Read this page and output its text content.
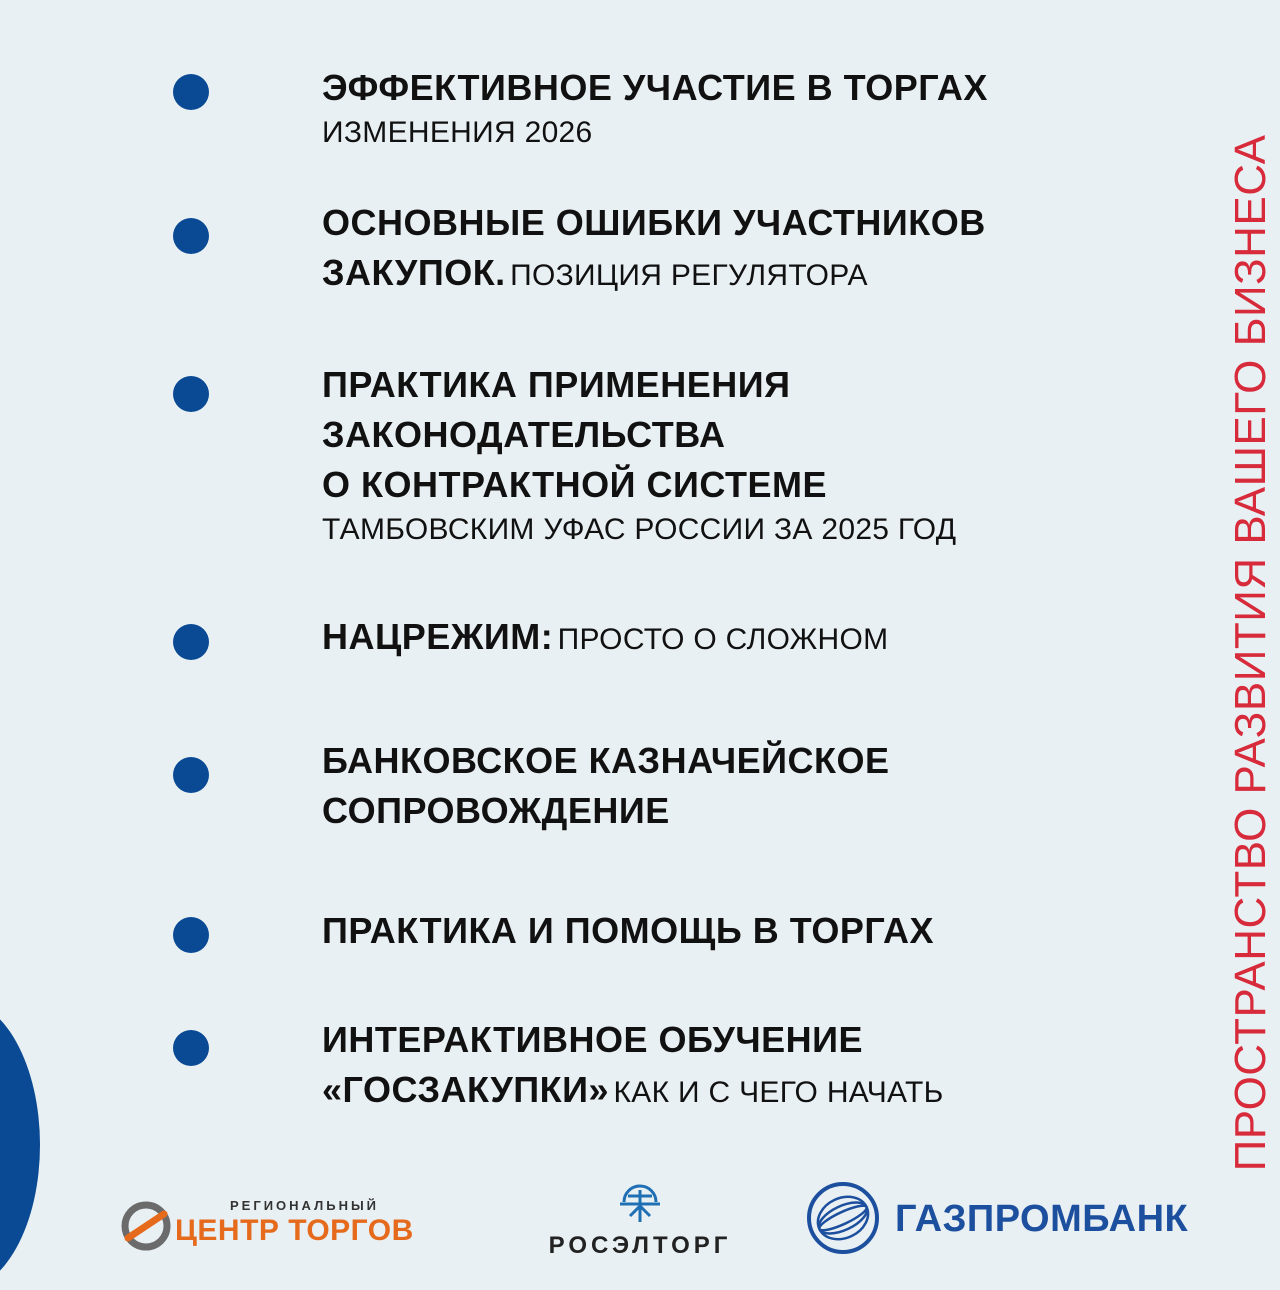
ЭФФЕКТИВНОЕ УЧАСТИЕ В ТОРГАХ
ИЗМЕНЕНИЯ 2026
ОСНОВНЫЕ ОШИБКИ УЧАСТНИКОВ
ЗАКУПОК. ПОЗИЦИЯ РЕГУЛЯТОРА
ПРАКТИКА ПРИМЕНЕНИЯ
ЗАКОНОДАТЕЛЬСТВА
О КОНТРАКТНОЙ СИСТЕМЕ
ТАМБОВСКИМ УФАС РОССИИ ЗА 2025 ГОД
НАЦРЕЖИМ: ПРОСТО О СЛОЖНОМ
БАНКОВСКОЕ КАЗНАЧЕЙСКОЕ
СОПРОВОЖДЕНИЕ
ПРАКТИКА И ПОМОЩЬ В ТОРГАХ
ИНТЕРАКТИВНОЕ ОБУЧЕНИЕ
«ГОСЗАКУПКИ» КАК И С ЧЕГО НАЧАТЬ	ПРОСТРАНСТВО РАЗВИТИЯ ВАШЕГО БИЗНЕСА
РЕГИОНАЛЬНЫЙ
ЦЕНТР ТОРГОВ	РОСЭЛТОРГ
ГАЗПРОМБАНК
